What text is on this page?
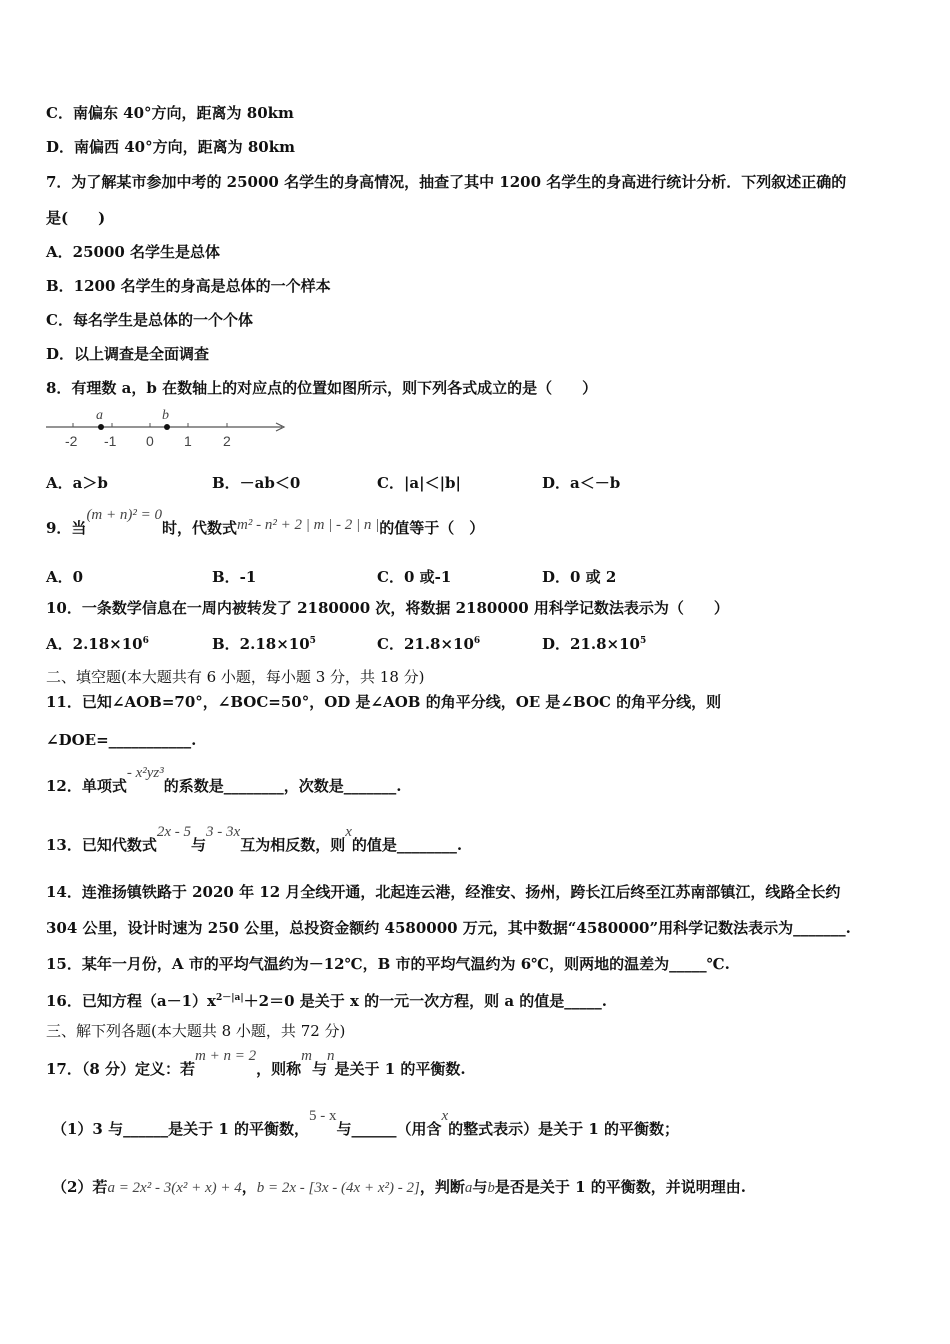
C．南偏东 40°方向，距离为 80km
D．南偏西 40°方向，距离为 80km
7．为了解某市参加中考的 25000 名学生的身高情况，抽查了其中 1200 名学生的身高进行统计分析．下列叙述正确的
是(　　)
A．25000 名学生是总体
B．1200 名学生的身高是总体的一个样本
C．每名学生是总体的一个个体
D．以上调查是全面调查
8．有理数 a，b 在数轴上的对应点的位置如图所示，则下列各式成立的是（　　）
a	b
-2 -1 0 1 2
A．a＞b	B．－ab＜0	C．|a|＜|b|	D．a＜－b
9．当(m + n)² = 0时，代数式m² - n² + 2 | m | - 2 | n |的值等于（　）
A．0	B．-1	C．0 或-1	D．0 或 2
10．一条数学信息在一周内被转发了 2180000 次，将数据 2180000 用科学记数法表示为（　　）
A．$2.18\times 10^6$	B．$2.18\times 10^5$	C．$21.8\times 10^6$	D．$21.8\times 10^5$
二、填空题(本大题共有 6 小题，每小题 3 分，共 18 分)
11．已知∠AOB=70°，∠BOC=50°，OD 是∠AOB 的角平分线，OE 是∠BOC 的角平分线，则
∠DOE=___________.
12．单项式- x²yz³的系数是________，次数是_______.
13．已知代数式2x - 5与3 - 3x互为相反数，则x的值是________.
14．连淮扬镇铁路于 2020 年 12 月全线开通，北起连云港，经淮安、扬州，跨长江后终至江苏南部镇江，线路全长约
304 公里，设计时速为 250 公里，总投资金额约 4580000 万元，其中数据“4580000”用科学记数法表示为_______.
15．某年一月份，A 市的平均气温约为－12℃，B 市的平均气温约为 6℃，则两地的温差为_____℃.
16．已知方程$(a-1)x^{2-|a|}+2=0$ 是关于 x 的一元一次方程，则 a 的值是_____.
三、解下列各题(本大题共 8 小题，共 72 分)
17．（8 分）定义：若m + n = 2，则称m与n是关于 1 的平衡数.
（1）3 与______是关于 1 的平衡数，5 - x与______（用含x的整式表示）是关于 1 的平衡数；
（2）若a = 2x² - 3(x² + x) + 4，b = 2x - [3x - (4x + x²) - 2]，判断a与b是否是关于 1 的平衡数，并说明理由.
